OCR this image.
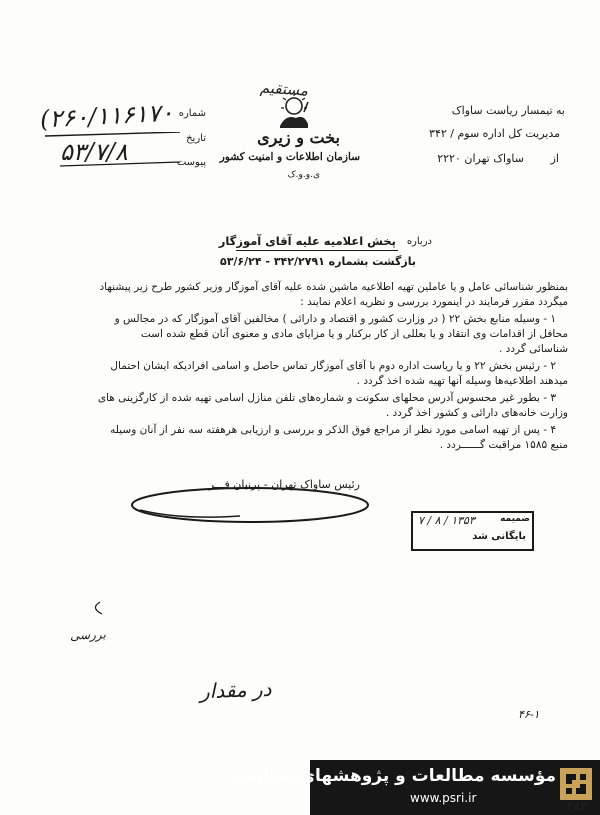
مستقیم
بخت و زیری
سازمان اطلاعات و امنیت کشور
ی.و.و.ک
به تیمسار ریاست ساواک
مدیریت کل اداره سوم / ۳۴۲
از
ساواک تهران ۲۲۲۰
شماره
تاریخ
پیوست
(۲۶۰/۱۱۶۱۷۰
۵۳/۷/۸
درباره
پخش اعلامیه علیه آقای آموزگار
بازگشت بشماره ۳۴۲/۲۷۹۱ - ۵۳/۶/۲۴
بمنظور شناسائی عامل و یا عاملین تهیه اطلاعیه ماشین شده علیه آقای آموزگار وزیر کشور طرح زیر پیشنهاد
میگردد مقرر فرمایند در اینمورد بررسی و نظریه اعلام نمایند :
۱ - وسیله منابع بخش ۲۲ ( در وزارت کشور و اقتصاد و دارائی ) مخالفین آقای آموزگار که در مجالس و
محافل از اقدامات وی انتقاد و یا بعللی از کار برکنار و یا مزایای مادی و معنوی آنان قطع شده است
شناسائی گردد .
۲ - رئیس بخش ۲۲ و یا ریاست اداره دوم با آقای آموزگار تماس حاصل و اسامی افرادیکه ایشان احتمال
میدهند اطلاعیه‌ها وسیله آنها تهیه شده اخذ گردد .
۳ - بطور غیر محسوس آدرس محلهای سکونت و شماره‌های تلفن منازل اسامی تهیه شده از کارگزینی های
وزارت خانه‌های دارائی و کشور اخذ گردد .
۴ - پس از تهیه اسامی مورد نظر از مراجع فوق الذکر و بررسی و ارزیابی هرهفته سه نفر از آنان وسیله
منبع ۱۵۸۵ مراقبت گــــــردد .
رئیس ساواک تهران - پرنیان فـــر
ضمیمه
۷ / ۸ / ۱۳۵۳
بایگانی شد
بررسی
در مقدار
۴۶-۱
مؤسسه مطالعات و پژوهشهای سیاسی
www.psri.ir
۴۸۲
